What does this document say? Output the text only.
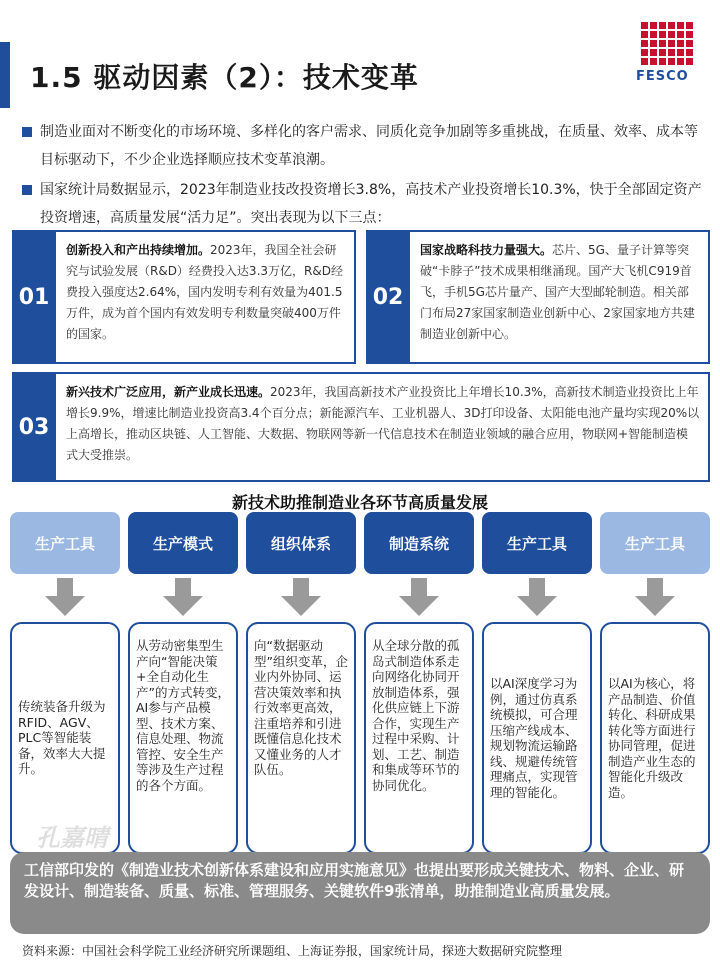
1.5 驱动因素（2）：技术变革	FESCO
制造业面对不断变化的市场环境、多样化的客户需求、同质化竞争加剧等多重挑战，在质量、效率、成本等目标驱动下，不少企业选择顺应技术变革浪潮。
国家统计局数据显示，2023年制造业技改投资增长3.8%，高技术产业投资增长10.3%，快于全部固定资产投资增速，高质量发展“活力足”。突出表现为以下三点：
01
创新投入和产出持续增加。2023年，我国全社会研究与试验发展（R&D）经费投入达3.3万亿，R&D经费投入强度达2.64%，国内发明专利有效量为401.5万件，成为首个国内有效发明专利数量突破400万件的国家。
02
国家战略科技力量强大。芯片、5G、量子计算等突破“卡脖子”技术成果相继涌现。国产大飞机C919首飞，手机5G芯片量产、国产大型邮轮制造。相关部门布局27家国家制造业创新中心、2家国家地方共建制造业创新中心。
03
新兴技术广泛应用，新产业成长迅速。2023年，我国高新技术产业投资比上年增长10.3%，高新技术制造业投资比上年增长9.9%，增速比制造业投资高3.4个百分点；新能源汽车、工业机器人、3D打印设备、太阳能电池产量均实现20%以上高增长，推动区块链、人工智能、大数据、物联网等新一代信息技术在制造业领域的融合应用，物联网+智能制造模式大受推崇。
新技术助推制造业各环节高质量发展
生产工具
传统装备升级为RFID、AGV、PLC等智能装备，效率大大提升。
生产模式
从劳动密集型生产向“智能决策+全自动化生产”的方式转变，AI参与产品模型、技术方案、信息处理、物流管控、安全生产等涉及生产过程的各个方面。
组织体系
向“数据驱动型”组织变革，企业内外协同、运营决策效率和执行效率更高效，注重培养和引进既懂信息化技术又懂业务的人才队伍。
制造系统
从全球分散的孤岛式制造体系走向网络化协同开放制造体系，强化供应链上下游合作，实现生产过程中采购、计划、工艺、制造和集成等环节的协同优化。
生产工具
以AI深度学习为例，通过仿真系统模拟，可合理压缩产线成本、规划物流运输路线、规避传统管理痛点，实现管理的智能化。
生产工具
以AI为核心，将产品制造、价值转化、科研成果转化等方面进行协同管理，促进制造产业生态的智能化升级改造。
孔嘉晴
工信部印发的《制造业技术创新体系建设和应用实施意见》也提出要形成关键技术、物料、企业、研发设计、制造装备、质量、标准、管理服务、关键软件9张清单，助推制造业高质量发展。
资料来源：中国社会科学院工业经济研究所课题组、上海证券报，国家统计局，探迹大数据研究院整理
